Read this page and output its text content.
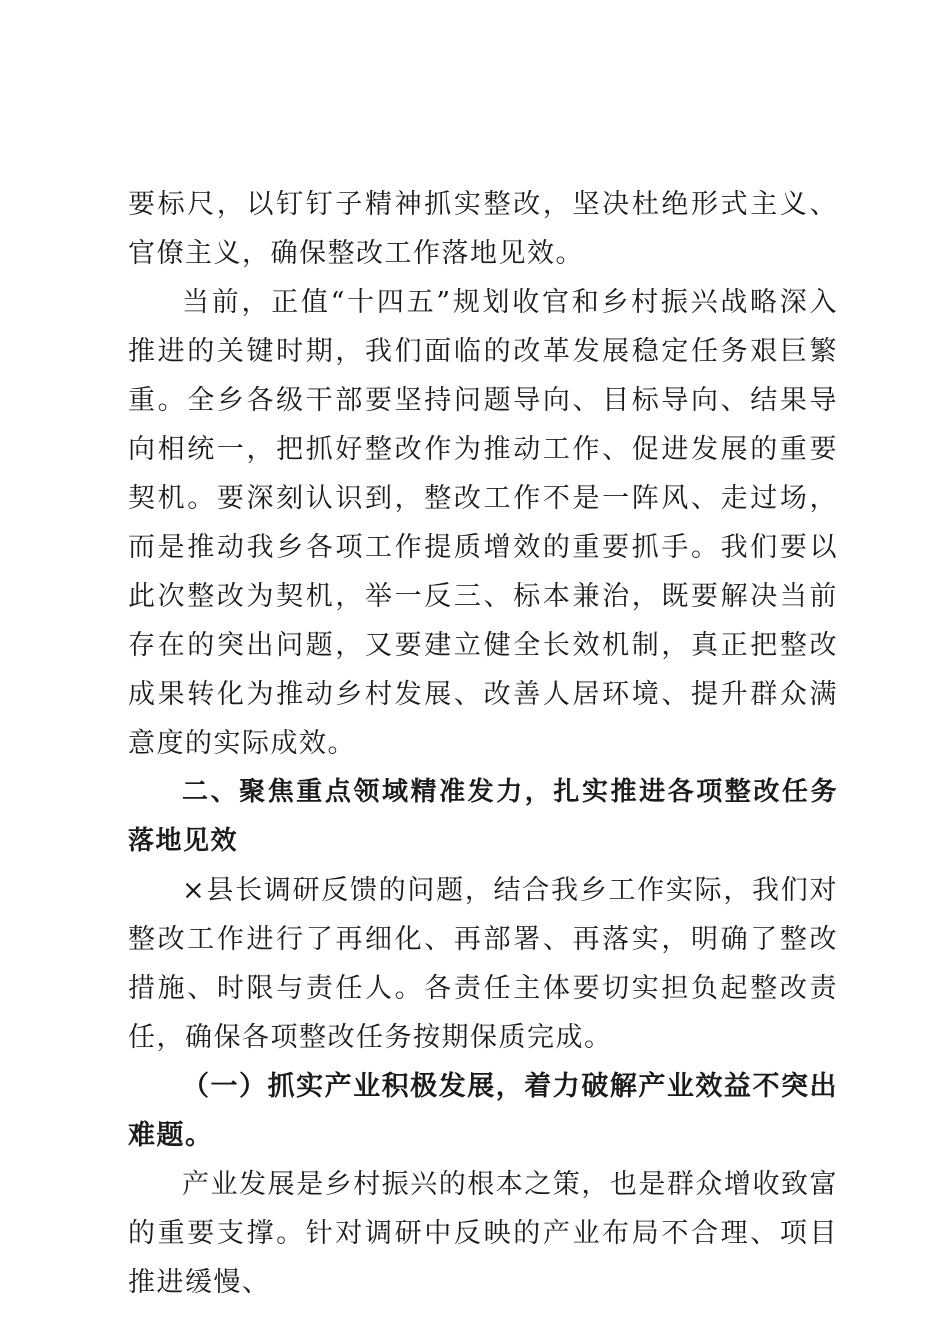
要标尺，以钉钉子精神抓实整改，坚决杜绝形式主义、官僚主义，确保整改工作落地见效。

当前，正值“十四五”规划收官和乡村振兴战略深入推进的关键时期，我们面临的改革发展稳定任务艰巨繁重。全乡各级干部要坚持问题导向、目标导向、结果导向相统一，把抓好整改作为推动工作、促进发展的重要契机。要深刻认识到，整改工作不是一阵风、走过场，而是推动我乡各项工作提质增效的重要抓手。我们要以此次整改为契机，举一反三、标本兼治，既要解决当前存在的突出问题，又要建立健全长效机制，真正把整改成果转化为推动乡村发展、改善人居环境、提升群众满意度的实际成效。

二、聚焦重点领域精准发力，扎实推进各项整改任务落地见效

×县长调研反馈的问题，结合我乡工作实际，我们对整改工作进行了再细化、再部署、再落实，明确了整改措施、时限与责任人。各责任主体要切实担负起整改责任，确保各项整改任务按期保质完成。

（一）抓实产业积极发展，着力破解产业效益不突出难题。

产业发展是乡村振兴的根本之策，也是群众增收致富的重要支撑。针对调研中反映的产业布局不合理、项目推进缓慢、
